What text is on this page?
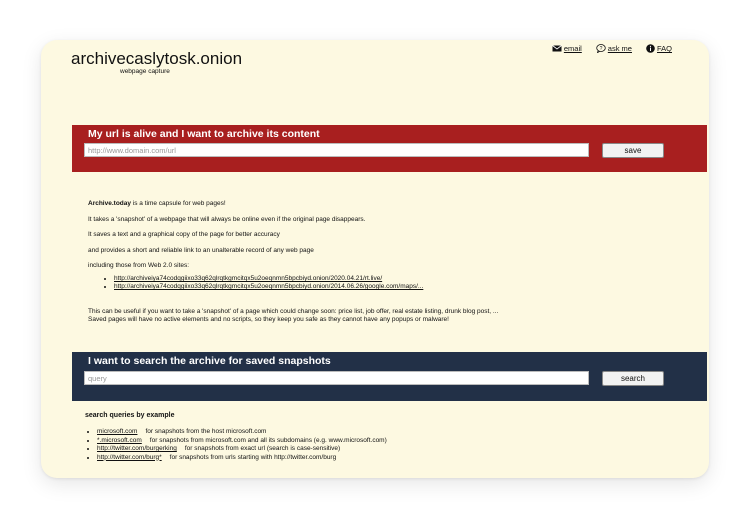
archivecaslytosk.onion
webpage capture
email	? ask me	FAQ
My url is alive and I want to archive its content
http://www.domain.com/url	save

Archive.today is a time capsule for web pages!

It takes a 'snapshot' of a webpage that will always be online even if the original page disappears.

It saves a text and a graphical copy of the page for better accuracy

and provides a short and reliable link to an unalterable record of any web page

including those from Web 2.0 sites:

• http://archiveiya74codqgiixo33q62qlrqtkgmcitqx5u2oeqnmn5bpcbiyd.onion/2020.04.21/rt.live/
• http://archiveiya74codqgiixo33q62qlrqtkgmcitqx5u2oeqnmn5bpcbiyd.onion/2014.06.26/google.com/maps/...
This can be useful if you want to take a 'snapshot' of a page which could change soon: price list, job offer, real estate listing, drunk blog post, ...
Saved pages will have no active elements and no scripts, so they keep you safe as they cannot have any popups or malware!
I want to search the archive for saved snapshots
query	search
search queries by example
• microsoft.com for snapshots from the host microsoft.com
• *.microsoft.com for snapshots from microsoft.com and all its subdomains (e.g. www.microsoft.com)
• http://twitter.com/burgerking for snapshots from exact url (search is case-sensitive)
• http://twitter.com/burg* for snapshots from urls starting with http://twitter.com/burg
